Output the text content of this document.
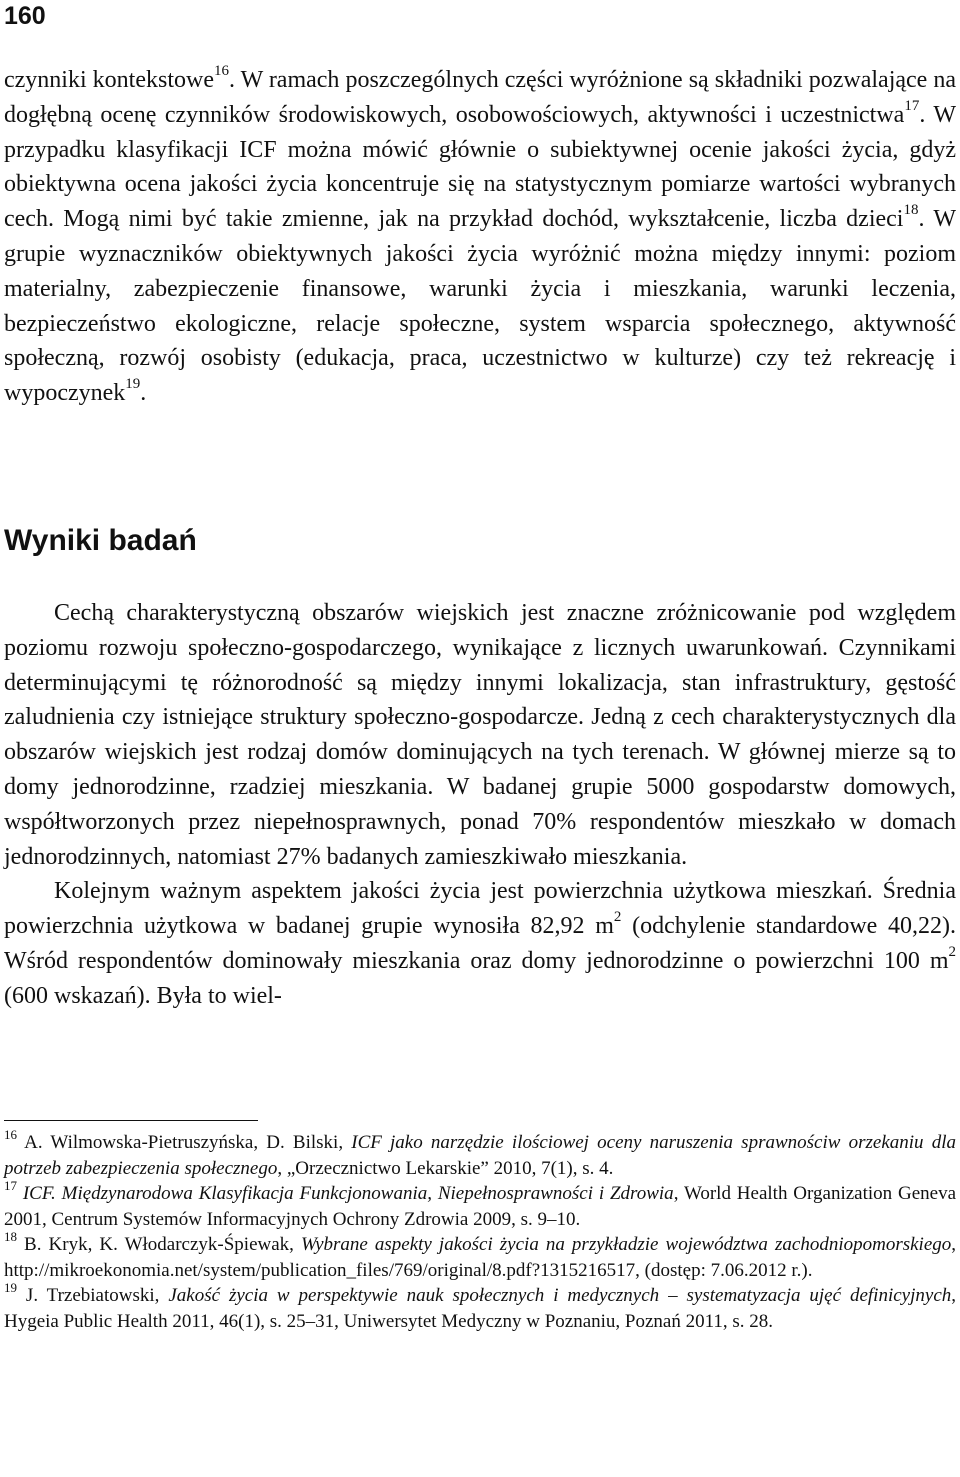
160

czynniki kontekstowe$^{16}$. W ramach poszczególnych części wyróżnione są składniki pozwalające na dogłębną ocenę czynników środowiskowych, osobowościowych, aktywności i uczestnictwa$^{17}$. W przypadku klasyfikacji ICF można mówić głównie o subiektywnej ocenie jakości życia, gdyż obiektywna ocena jakości życia koncentruje się na statystycznym pomiarze wartości wybranych cech. Mogą nimi być takie zmienne, jak na przykład dochód, wykształcenie, liczba dzieci$^{18}$. W grupie wyznaczników obiektywnych jakości życia wyróżnić można między innymi: poziom materialny, zabezpieczenie finansowe, warunki życia i mieszkania, warunki leczenia, bezpieczeństwo ekologiczne, relacje społeczne, system wsparcia społecznego, aktywność społeczną, rozwój osobisty (edukacja, praca, uczestnictwo w kulturze) czy też rekreację i wypoczynek$^{19}$.

Wyniki badań

Cechą charakterystyczną obszarów wiejskich jest znaczne zróżnicowanie pod względem poziomu rozwoju społeczno-gospodarczego, wynikające z licznych uwarunkowań. Czynnikami determinującymi tę różnorodność są między innymi lokalizacja, stan infrastruktury, gęstość zaludnienia czy istniejące struktury społeczno-gospodarcze. Jedną z cech charakterystycznych dla obszarów wiejskich jest rodzaj domów dominujących na tych terenach. W głównej mierze są to domy jednorodzinne, rzadziej mieszkania. W badanej grupie 5000 gospodarstw domowych, współtworzonych przez niepełnosprawnych, ponad 70% respondentów mieszkało w domach jednorodzinnych, natomiast 27% badanych zamieszkiwało mieszkania.

Kolejnym ważnym aspektem jakości życia jest powierzchnia użytkowa mieszkań. Średnia powierzchnia użytkowa w badanej grupie wynosiła 82,92 $m^2$ (odchylenie standardowe 40,22). Wśród respondentów dominowały mieszkania oraz domy jednorodzinne o powierzchni 100 $m^2$ (600 wskazań). Była to wiel-

$^{16}$ A. Wilmowska-Pietruszyńska, D. Bilski, ICF jako narzędzie ilościowej oceny naruszenia sprawnościw orzekaniu dla potrzeb zabezpieczenia społecznego, „Orzecznictwo Lekarskie” 2010, 7(1), s. 4.

$^{17}$ ICF. Międzynarodowa Klasyfikacja Funkcjonowania, Niepełnosprawności i Zdrowia, World Health Organization Geneva 2001, Centrum Systemów Informacyjnych Ochrony Zdrowia 2009, s. 9–10.

$^{18}$ B. Kryk, K. Włodarczyk-Śpiewak, Wybrane aspekty jakości życia na przykładzie województwa zachodniopomorskiego, http://mikroekonomia.net/system/publication_files/769/original/8.pdf?1315216517, (dostęp: 7.06.2012 r.).

$^{19}$ J. Trzebiatowski, Jakość życia w perspektywie nauk społecznych i medycznych – systematyzacja ujęć definicyjnych, Hygeia Public Health 2011, 46(1), s. 25–31, Uniwersytet Medyczny w Poznaniu, Poznań 2011, s. 28.
